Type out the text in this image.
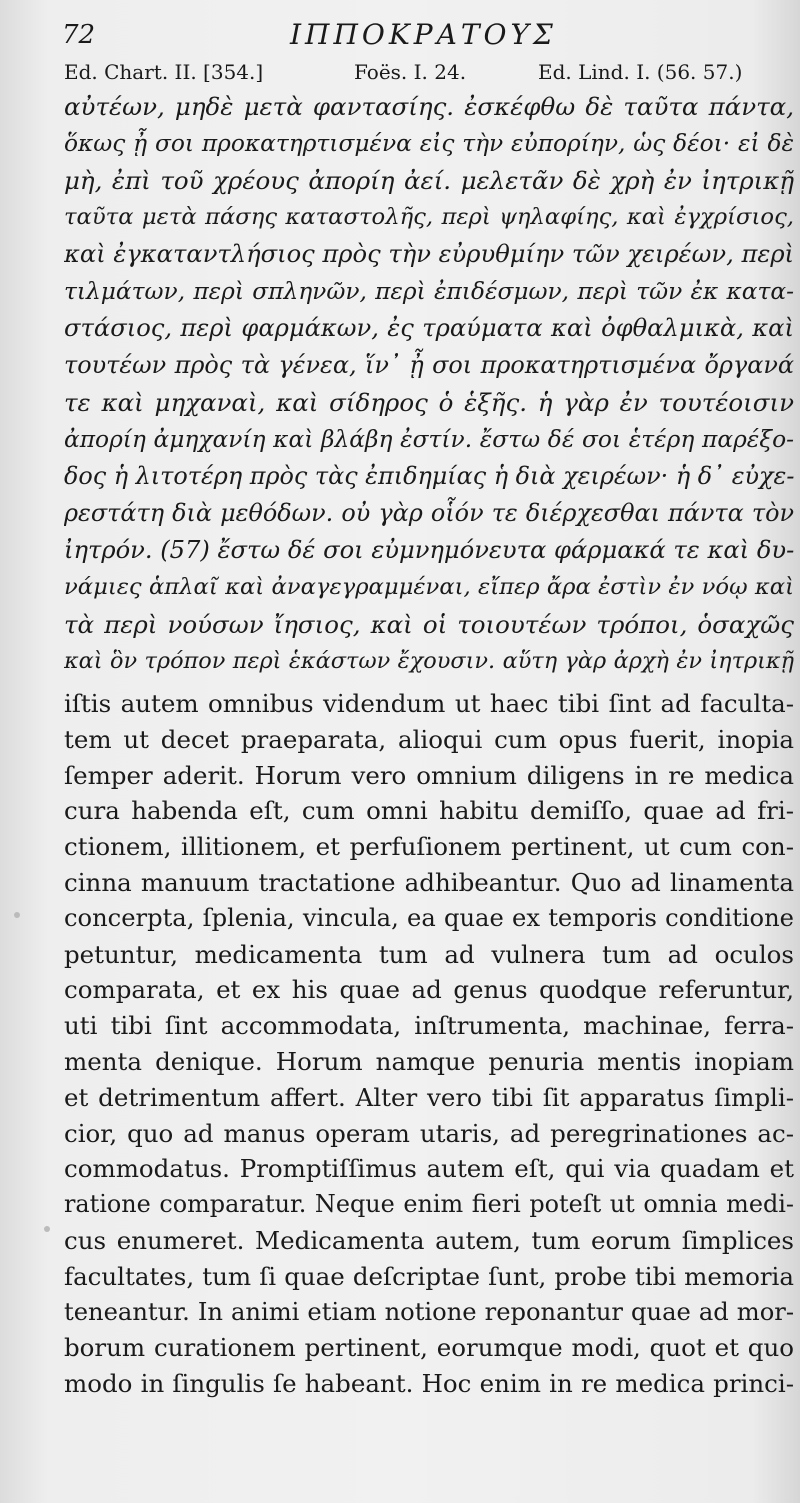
72	ΙΠΠΟΚΡΑΤΟΥΣ
Ed. Chart. II. [354.]	Foës. I. 24.	Ed. Lind. I. (56. 57.)
αὐτέων, μηδὲ μετὰ φαντασίης. ἐσκέφθω δὲ ταῦτα πάντα,
ὅκως ᾖ σοι προκατηρτισμένα εἰς τὴν εὐπορίην, ὡς δέοι· εἰ δὲ
μὴ, ἐπὶ τοῦ χρέους ἀπορίη ἀεί. μελετᾶν δὲ χρὴ ἐν ἰητρικῇ
ταῦτα μετὰ πάσης καταστολῆς, περὶ ψηλαφίης, καὶ ἐγχρίσιος,
καὶ ἐγκαταντλήσιος πρὸς τὴν εὐρυθμίην τῶν χειρέων, περὶ
τιλμάτων, περὶ σπληνῶν, περὶ ἐπιδέσμων, περὶ τῶν ἐκ κατα-
στάσιος, περὶ φαρμάκων, ἐς τραύματα καὶ ὀφθαλμικὰ, καὶ
τουτέων πρὸς τὰ γένεα, ἵν᾽ ᾖ σοι προκατηρτισμένα ὄργανά
τε καὶ μηχαναὶ, καὶ σίδηρος ὁ ἑξῆς. ἡ γὰρ ἐν τουτέοισιν
ἀπορίη ἀμηχανίη καὶ βλάβη ἐστίν. ἔστω δέ σοι ἑτέρη παρέξο-
δος ἡ λιτοτέρη πρὸς τὰς ἐπιδημίας ἡ διὰ χειρέων· ἡ δ᾽ εὐχε-
ρεστάτη διὰ μεθόδων. οὐ γὰρ οἷόν τε διέρχεσθαι πάντα τὸν
ἰητρόν. (57) ἔστω δέ σοι εὐμνημόνευτα φάρμακά τε καὶ δυ-
νάμιες ἁπλαῖ καὶ ἀναγεγραμμέναι, εἴπερ ἄρα ἐστὶν ἐν νόῳ καὶ
τὰ περὶ νούσων ἴησιος, καὶ οἱ τοιουτέων τρόποι, ὁσαχῶς
καὶ ὃν τρόπον περὶ ἑκάστων ἔχουσιν. αὕτη γὰρ ἀρχὴ ἐν ἰητρικῇ
iſtis autem omnibus videndum ut haec tibi ſint ad faculta-
tem ut decet praeparata, alioqui cum opus fuerit, inopia
ſemper aderit. Horum vero omnium diligens in re medica
cura habenda eſt, cum omni habitu demiſſo, quae ad fri-
ctionem, illitionem, et perfuſionem pertinent, ut cum con-
cinna manuum tractatione adhibeantur. Quo ad linamenta
concerpta, ſplenia, vincula, ea quae ex temporis conditione
petuntur, medicamenta tum ad vulnera tum ad oculos
comparata, et ex his quae ad genus quodque referuntur,
uti tibi ſint accommodata, inſtrumenta, machinae, ferra-
menta denique. Horum namque penuria mentis inopiam
et detrimentum affert. Alter vero tibi ſit apparatus ſimpli-
cior, quo ad manus operam utaris, ad peregrinationes ac-
commodatus. Promptiſſimus autem eſt, qui via quadam et
ratione comparatur. Neque enim fieri poteſt ut omnia medi-
cus enumeret. Medicamenta autem, tum eorum ſimplices
facultates, tum ſi quae deſcriptae ſunt, probe tibi memoria
teneantur. In animi etiam notione reponantur quae ad mor-
borum curationem pertinent, eorumque modi, quot et quo
modo in ſingulis ſe habeant. Hoc enim in re medica princi-
